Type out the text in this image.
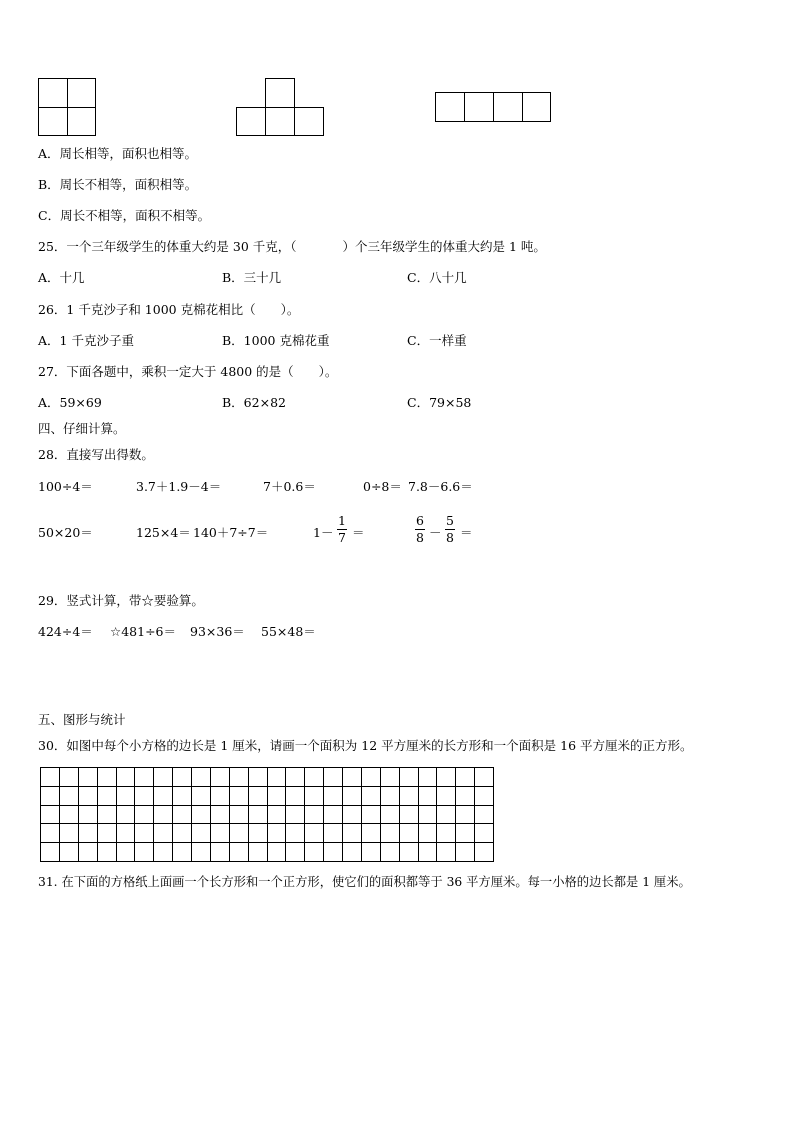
A．周长相等，面积也相等。
B．周长不相等，面积相等。
C．周长不相等，面积不相等。
25．一个三年级学生的体重大约是 30 千克，（	）个三年级学生的体重大约是 1 吨。
A．十几	B．三十几	C．八十几
26．1 千克沙子和 1000 克棉花相比（　　）。
A．1 千克沙子重	B．1000 克棉花重	C．一样重
27．下面各题中，乘积一定大于 4800 的是（　　）。
A．59×69	B．62×82	C．79×58
四、仔细计算。
28．直接写出得数。
100÷4＝	3.7＋1.9－4＝	7＋0.6＝	0÷8＝ 7.8－6.6＝
50×20＝	125×4＝ 140＋7÷7＝	1－
1
7 ＝
6
8 －
5
8 ＝
29．竖式计算，带☆要验算。
424÷4＝ ☆481÷6＝ 93×36＝ 55×48＝
五、图形与统计
30．如图中每个小方格的边长是 1 厘米，请画一个面积为 12 平方厘米的长方形和一个面积是 16 平方厘米的正方形。
31. 在下面的方格纸上面画一个长方形和一个正方形，使它们的面积都等于 36 平方厘米。每一小格的边长都是 1 厘米。
